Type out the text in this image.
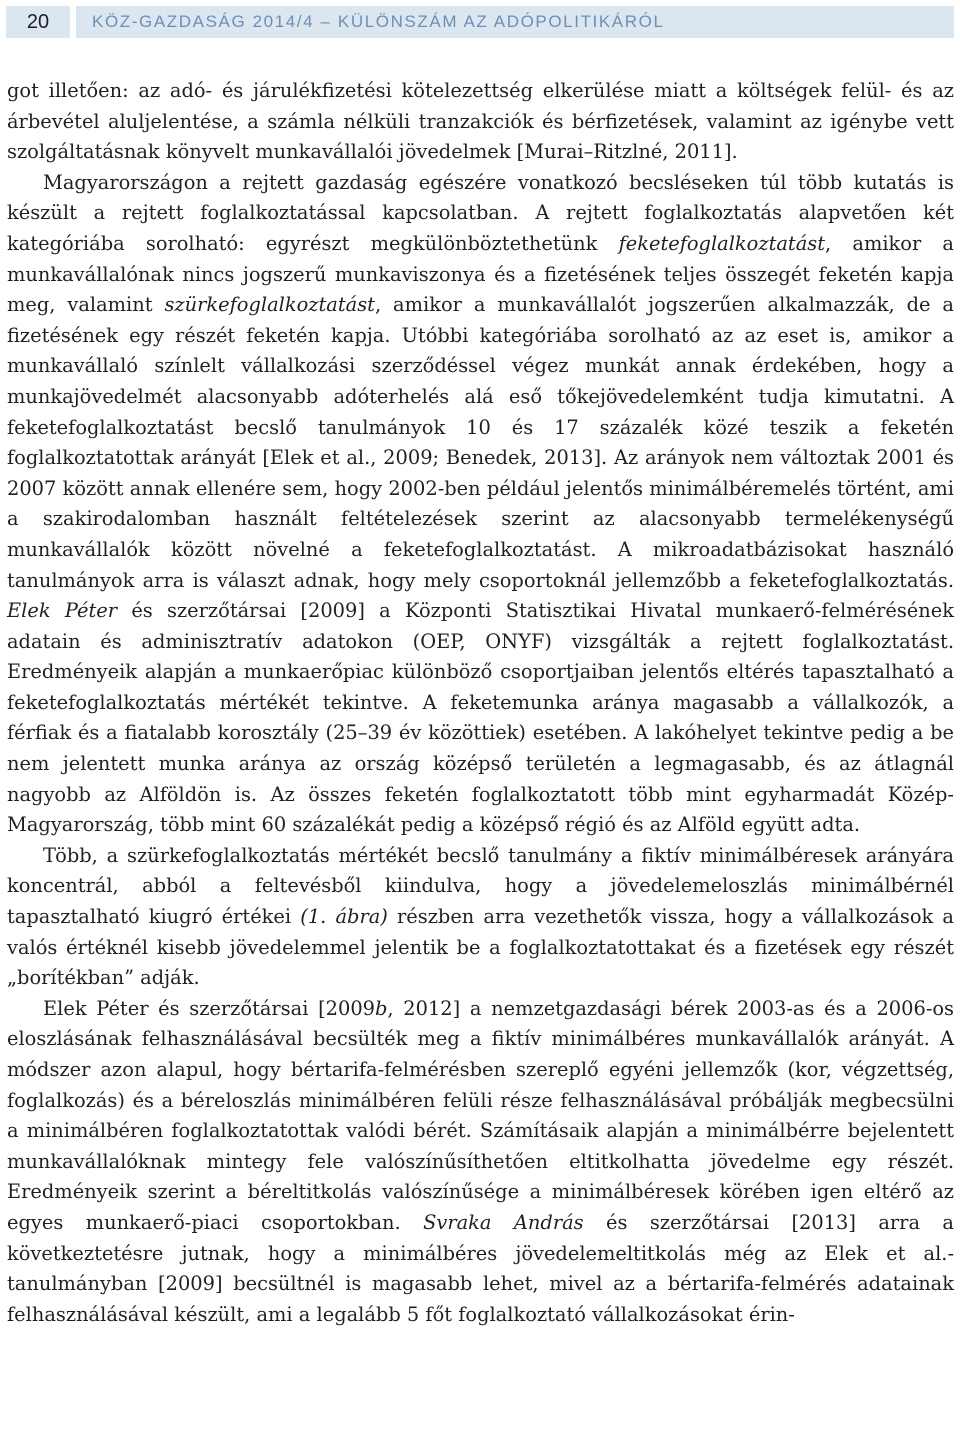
20	KÖZ-GAZDASÁG 2014/4 – KÜLÖNSZÁM AZ ADÓPOLITIKÁRÓL

got illetően: az adó- és járulékfizetési kötelezettség elkerülése miatt a költségek felül- és az árbevétel aluljelentése, a számla nélküli tranzakciók és bérfizetések, valamint az igénybe vett szolgáltatásnak könyvelt munkavállalói jövedelmek [Murai–Ritzlné, 2011].

Magyarországon a rejtett gazdaság egészére vonatkozó becsléseken túl több kutatás is készült a rejtett foglalkoztatással kapcsolatban. A rejtett foglalkoztatás alapvetően két kategóriába sorolható: egyrészt megkülönböztethetünk feketefoglalkoztatást, amikor a munkavállalónak nincs jogszerű munkaviszonya és a fizetésének teljes összegét feketén kapja meg, valamint szürkefoglalkoztatást, amikor a munkavállalót jogszerűen alkalmazzák, de a fizetésének egy részét feketén kapja. Utóbbi kategóriába sorolható az az eset is, amikor a munkavállaló színlelt vállalkozási szerződéssel végez munkát annak érdekében, hogy a munkajövedelmét alacsonyabb adóterhelés alá eső tőkejövedelemként tudja kimutatni. A feketefoglalkoztatást becslő tanulmányok 10 és 17 százalék közé teszik a feketén foglalkoztatottak arányát [Elek et al., 2009; Benedek, 2013]. Az arányok nem változtak 2001 és 2007 között annak ellenére sem, hogy 2002-ben például jelentős minimálbéremelés történt, ami a szakirodalomban használt feltételezések szerint az alacsonyabb termelékenységű munkavállalók között növelné a feketefoglalkoztatást. A mikroadatbázisokat használó tanulmányok arra is választ adnak, hogy mely csoportoknál jellemzőbb a feketefoglalkoztatás. Elek Péter és szerzőtársai [2009] a Központi Statisztikai Hivatal munkaerő-felmérésének adatain és adminisztratív adatokon (OEP, ONYF) vizsgálták a rejtett foglalkoztatást. Eredményeik alapján a munkaerőpiac különböző csoportjaiban jelentős eltérés tapasztalható a feketefoglalkoztatás mértékét tekintve. A feketemunka aránya magasabb a vállalkozók, a férfiak és a fiatalabb korosztály (25–39 év közöttiek) esetében. A lakóhelyet tekintve pedig a be nem jelentett munka aránya az ország középső területén a legmagasabb, és az átlagnál nagyobb az Alföldön is. Az összes feketén foglalkoztatott több mint egyharmadát Közép-Magyarország, több mint 60 százalékát pedig a középső régió és az Alföld együtt adta.

Több, a szürkefoglalkoztatás mértékét becslő tanulmány a fiktív minimálbéresek arányára koncentrál, abból a feltevésből kiindulva, hogy a jövedelemeloszlás minimálbérnél tapasztalható kiugró értékei (1. ábra) részben arra vezethetők vissza, hogy a vállalkozások a valós értéknél kisebb jövedelemmel jelentik be a foglalkoztatottakat és a fizetések egy részét „borítékban” adják.

Elek Péter és szerzőtársai [2009b, 2012] a nemzetgazdasági bérek 2003-as és a 2006-os eloszlásának felhasználásával becsülték meg a fiktív minimálbéres munkavállalók arányát. A módszer azon alapul, hogy bértarifa-felmérésben szereplő egyéni jellemzők (kor, végzettség, foglalkozás) és a béreloszlás minimálbéren felüli része felhasználásával próbálják megbecsülni a minimálbéren foglalkoztatottak valódi bérét. Számításaik alapján a minimálbérre bejelentett munkavállalóknak mintegy fele valószínűsíthetően eltitkolhatta jövedelme egy részét. Eredményeik szerint a béreltitkolás valószínűsége a minimálbéresek körében igen eltérő az egyes munkaerő-piaci csoportokban. Svraka András és szerzőtársai [2013] arra a következtetésre jutnak, hogy a minimálbéres jövedelemeltitkolás még az Elek et al.-tanulmányban [2009] becsültnél is magasabb lehet, mivel az a bértarifa-felmérés adatainak felhasználásával készült, ami a legalább 5 főt foglalkoztató vállalkozásokat érin-
